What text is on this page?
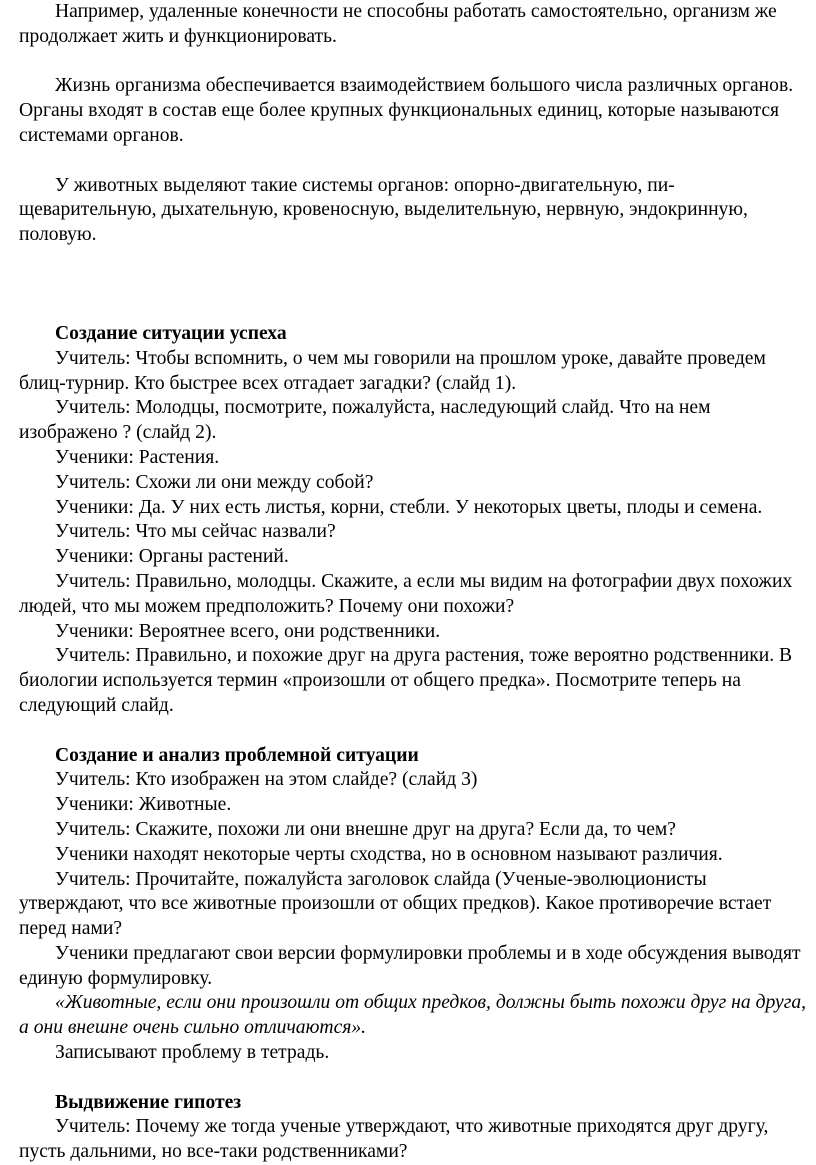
Например, удаленные конечности не способны работать самостоятельно, организм же продолжает жить и функционировать.

Жизнь организма обеспечивается взаимодействием большого числа различных органов. Органы входят в состав еще более крупных функциональных единиц, которые называются системами органов.

У животных выделяют такие системы органов: опорно-двигательную, пи- щеварительную, дыхательную, кровеносную, выделительную, нервную, эндокринную, половую.

Создание ситуации успеха

Учитель: Чтобы вспомнить, о чем мы говорили на прошлом уроке, давайте проведем блиц-турнир. Кто быстрее всех отгадает загадки? (слайд 1).

Учитель: Молодцы, посмотрите, пожалуйста, наследующий слайд. Что на нем изображено ? (слайд 2).

Ученики: Растения.

Учитель: Схожи ли они между собой?

Ученики: Да. У них есть листья, корни, стебли. У некоторых цветы, плоды и семена.

Учитель: Что мы сейчас назвали?

Ученики: Органы растений.

Учитель: Правильно, молодцы. Скажите, а если мы видим на фотографии двух похожих людей, что мы можем предположить? Почему они похожи?

Ученики: Вероятнее всего, они родственники.

Учитель: Правильно, и похожие друг на друга растения, тоже вероятно родственники. В биологии используется термин «произошли от общего предка». Посмотрите теперь на следующий слайд.

Создание и анализ проблемной ситуации

Учитель: Кто изображен на этом слайде? (слайд 3)

Ученики: Животные.

Учитель: Скажите, похожи ли они внешне друг на друга? Если да, то чем?

Ученики находят некоторые черты сходства, но в основном называют различия.

Учитель: Прочитайте, пожалуйста заголовок слайда (Ученые-эволюционисты утверждают, что все животные произошли от общих предков). Какое противоречие встает перед нами?

Ученики предлагают свои версии формулировки проблемы и в ходе обсуждения выводят единую формулировку.

«Животные, если они произошли от общих предков, должны быть похожи друг на друга, а они внешне очень сильно отличаются».

Записывают проблему в тетрадь.

Выдвижение гипотез

Учитель: Почему же тогда ученые утверждают, что животные приходятся друг другу, пусть дальними, но все-таки родственниками?
